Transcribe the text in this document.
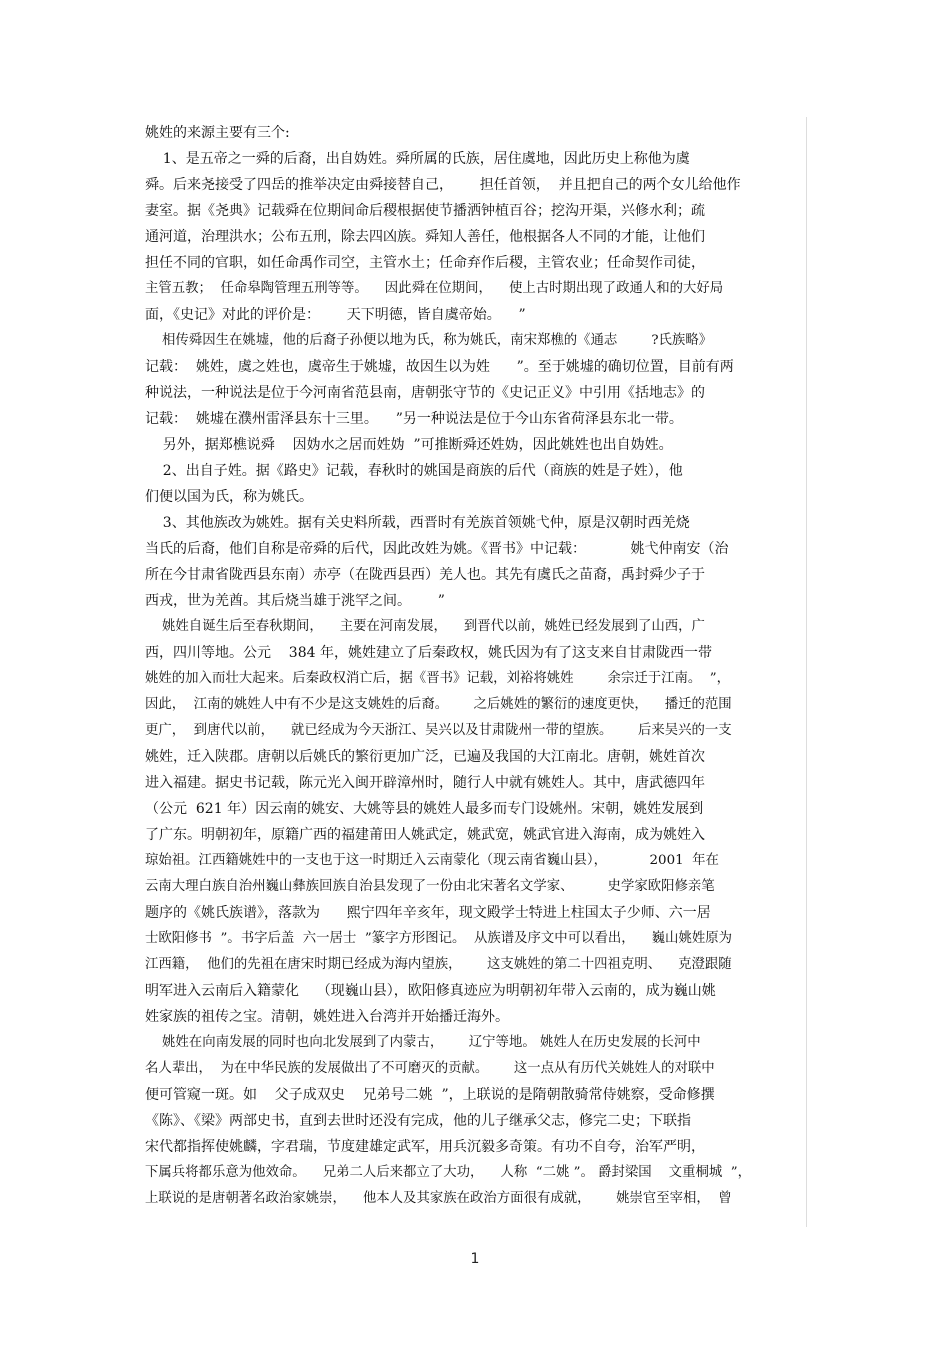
姚姓的来源主要有三个:
1、是五帝之一舜的后裔，出自妫姓。舜所属的氏族，居住虞地，因此历史上称他为虞
舜。后来尧接受了四岳的推举决定由舜接替自己，      担任首领，  并且把自己的两个女儿给他作
妻室。据《尧典》记载舜在位期间命后稷根据使节播洒钟植百谷；挖沟开渠，兴修水利；疏
通河道，治理洪水；公布五刑，除去四凶族。舜知人善任，他根据各人不同的才能，让他们
担任不同的官职，如任命禹作司空，主管水土；任命弃作后稷，主管农业；任命契作司徒，
主管五教；  任命皋陶管理五刑等等。    因此舜在位期间，    使上古时期出现了政通人和的大好局
面，《史记》对此的评价是：      天下明德，皆自虞帝始。    ”
相传舜因生在姚墟，他的后裔子孙便以地为氏，称为姚氏，南宋郑樵的《通志        ?氏族略》
记载：  姚姓，虞之姓也，虞帝生于姚墟，故因生以为姓      ”。至于姚墟的确切位置，目前有两
种说法，一种说法是位于今河南省范县南，唐朝张守节的《史记正义》中引用《括地志》的
记载：  姚墟在濮州雷泽县东十三里。    ”另一种说法是位于今山东省荷泽县东北一带。
另外，据郑樵说舜    因妫水之居而姓妫  ”可推断舜还姓妫，因此姚姓也出自妫姓。
2、出自子姓。据《路史》记载，春秋时的姚国是商族的后代（商族的姓是子姓），他
们便以国为氏，称为姚氏。
3、其他族改为姚姓。据有关史料所载，西晋时有羌族首领姚弋仲，原是汉朝时西羌烧
当氏的后裔，他们自称是帝舜的后代，因此改姓为姚。《晋书》中记载：          姚弋仲南安（治
所在今甘肃省陇西县东南）赤亭（在陇西县西）羌人也。其先有虞氏之苗裔，禹封舜少子于
西戎，世为羌酋。其后烧当雄于洮罕之间。      ”
姚姓自诞生后至春秋期间，    主要在河南发展，    到晋代以前，姚姓已经发展到了山西，广
西，四川等地。公元    384 年，姚姓建立了后秦政权，姚氏因为有了这支来自甘肃陇西一带
姚姓的加入而壮大起来。后秦政权消亡后，据《晋书》记载，刘裕将姚姓        余宗迁于江南。  ”，
因此，  江南的姚姓人中有不少是这支姚姓的后裔。      之后姚姓的繁衍的速度更快，    播迁的范围
更广，  到唐代以前，    就已经成为今天浙江、吴兴以及甘肃陇州一带的望族。      后来吴兴的一支
姚姓，迁入陕郡。唐朝以后姚氏的繁衍更加广泛，已遍及我国的大江南北。唐朝，姚姓首次
进入福建。据史书记载，陈元光入闽开辟漳州时，随行人中就有姚姓人。其中，唐武德四年
（公元  621 年）因云南的姚安、大姚等县的姚姓人最多而专门设姚州。宋朝，姚姓发展到
了广东。明朝初年，原籍广西的福建莆田人姚武定，姚武宽，姚武官进入海南，成为姚姓入
琼始祖。江西籍姚姓中的一支也于这一时期迁入云南蒙化（现云南省巍山县），          2001  年在
云南大理白族自治州巍山彝族回族自治县发现了一份由北宋著名文学家、        史学家欧阳修亲笔
题序的《姚氏族谱》，落款为      熙宁四年辛亥年，现文殿学士特进上柱国太子少师、六一居
士欧阳修书  ”。书字后盖  六一居士  ”篆字方形图记。  从族谱及序文中可以看出，    巍山姚姓原为
江西籍，  他们的先祖在唐宋时期已经成为海内望族，      这支姚姓的第二十四祖克明、    克澄跟随
明军进入云南后入籍蒙化    （现巍山县），欧阳修真迹应为明朝初年带入云南的，成为巍山姚
姓家族的祖传之宝。清朝，姚姓进入台湾并开始播迁海外。
姚姓在向南发展的同时也向北发展到了内蒙古，      辽宁等地。 姚姓人在历史发展的长河中
名人辈出，  为在中华民族的发展做出了不可磨灭的贡献。      这一点从有历代关姚姓人的对联中
便可管窥一斑。如    父子成双史    兄弟号二姚  ”，上联说的是隋朝散骑常侍姚察，受命修撰
《陈》、《梁》两部史书，直到去世时还没有完成，他的儿子继承父志，修完二史；下联指
宋代都指挥使姚麟，字君瑞，节度建雄定武军，用兵沉毅多奇策。有功不自夸，治军严明，
下属兵将都乐意为他效命。    兄弟二人后来都立了大功，    人称  “二姚 ”。 爵封梁国    文重桐城  ”，
上联说的是唐朝著名政治家姚崇，    他本人及其家族在政治方面很有成就，      姚崇官至宰相，  曾
1
